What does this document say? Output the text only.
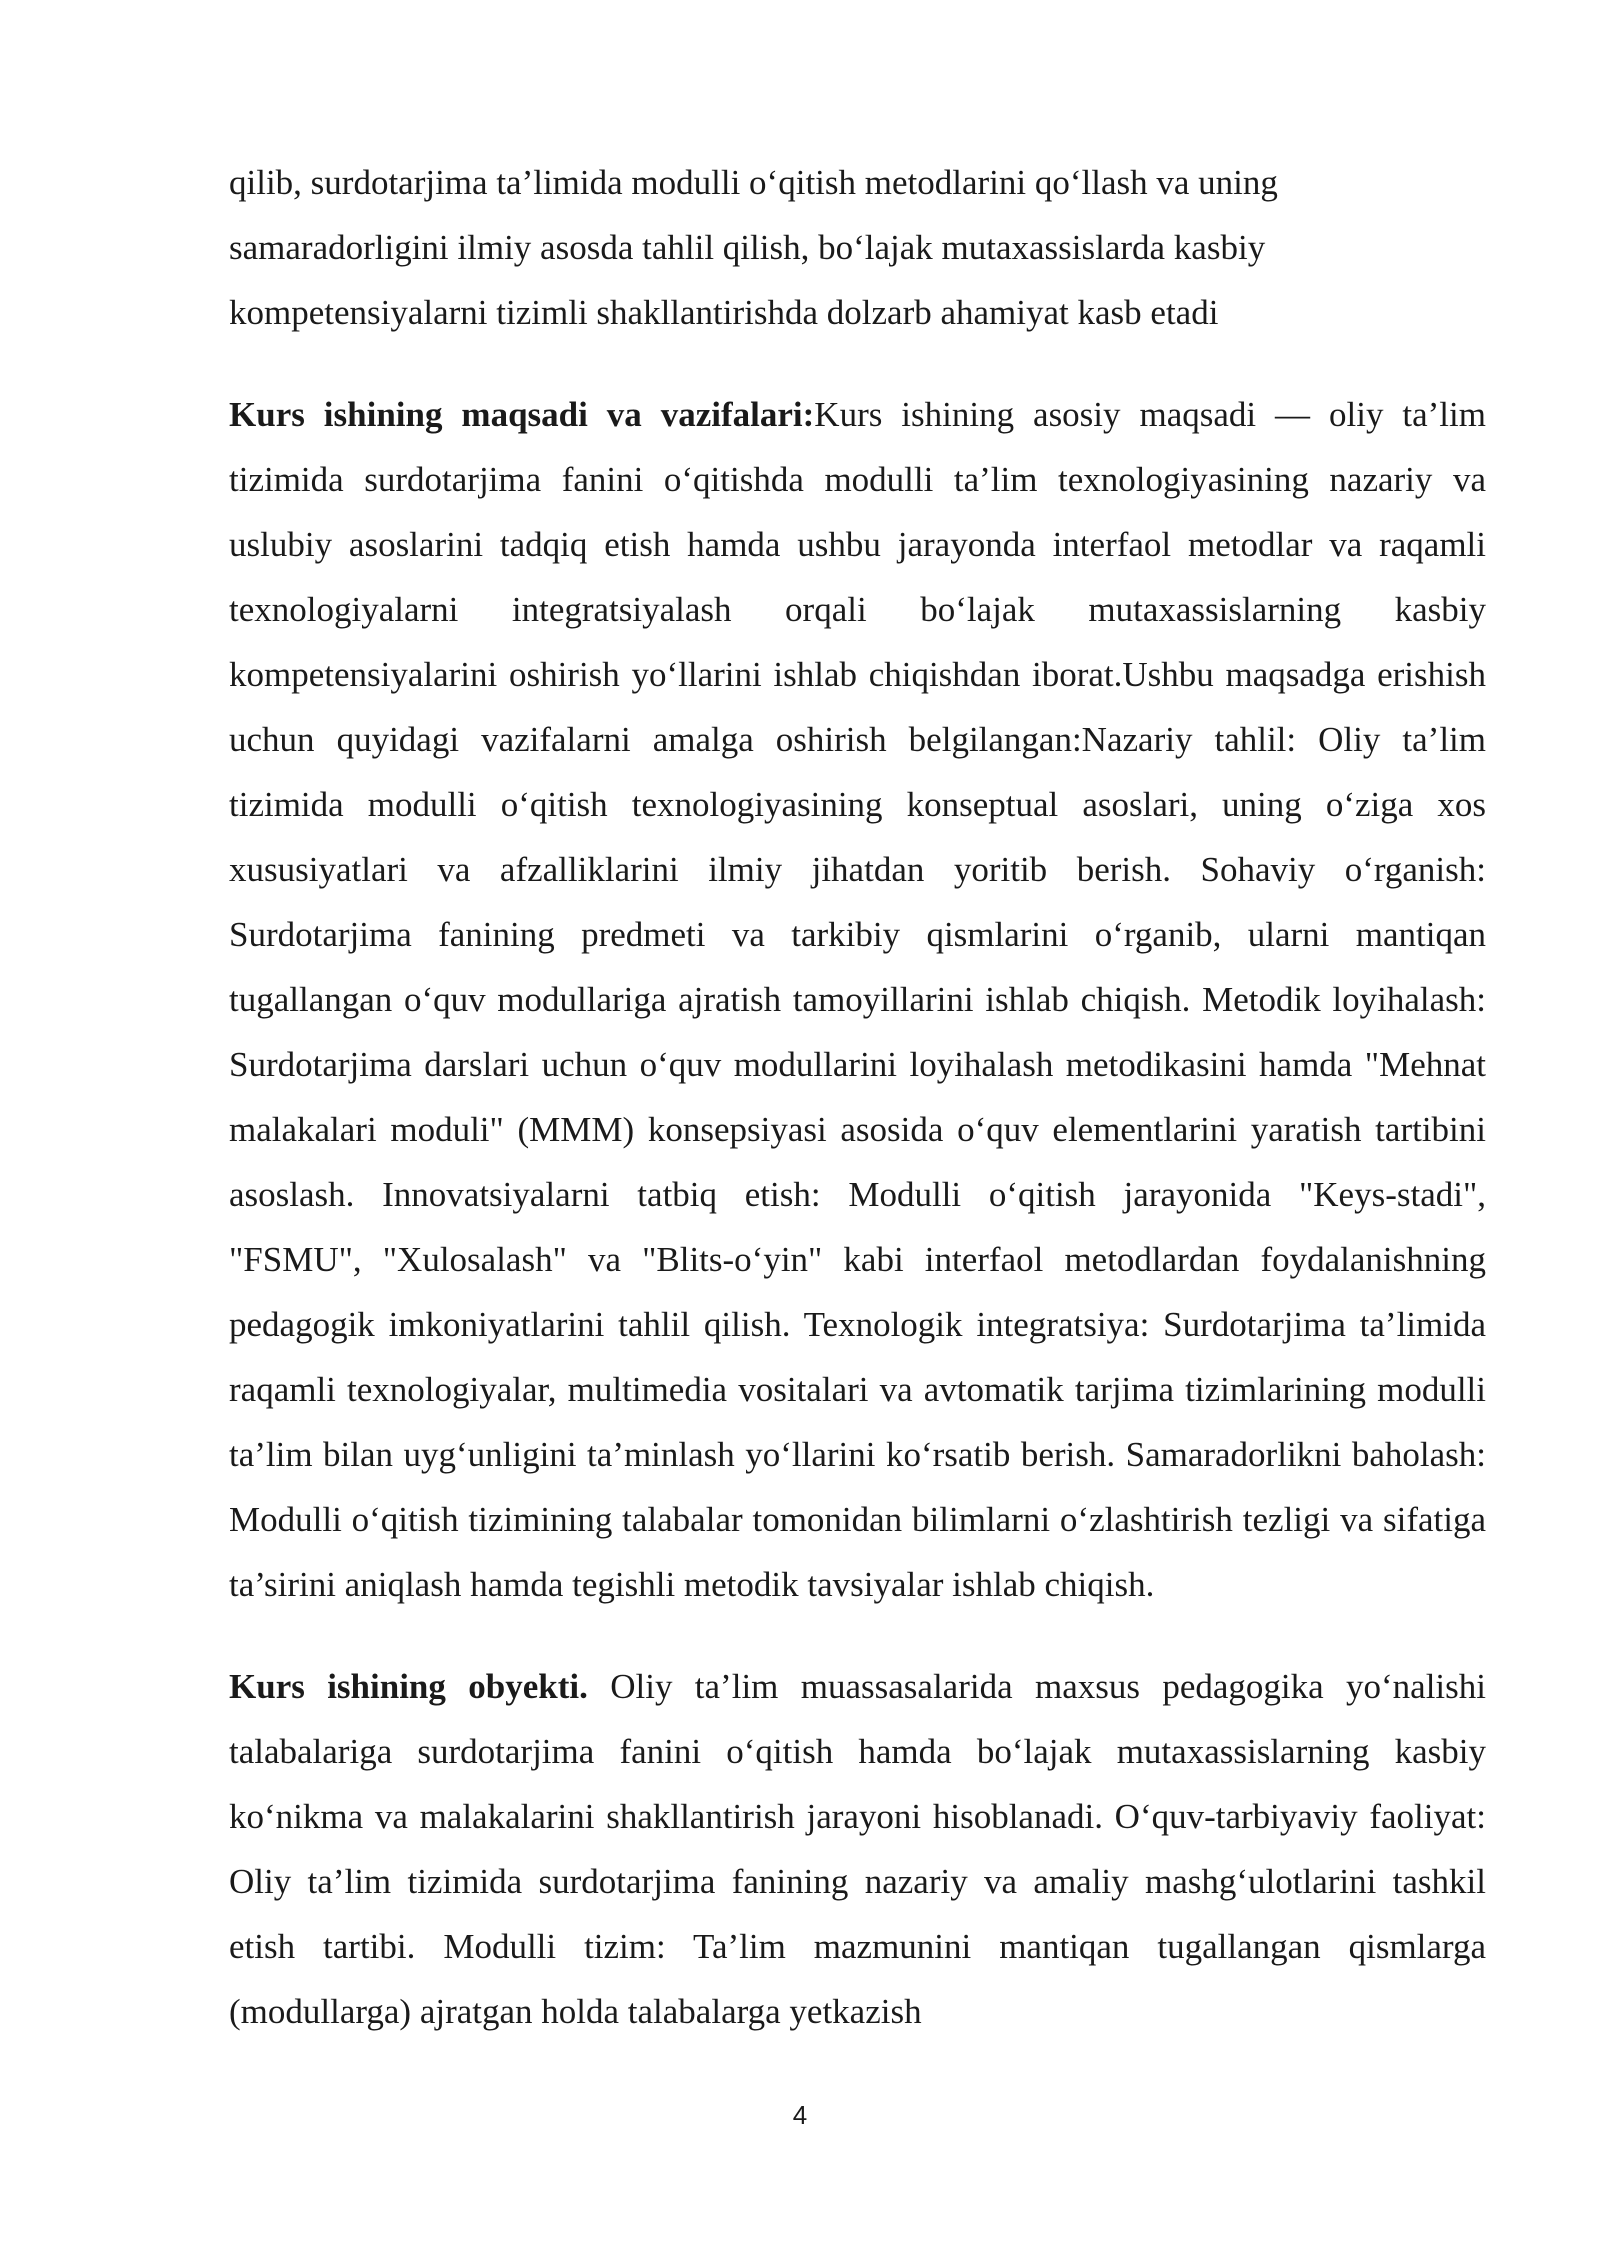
qilib, surdotarjima ta’limida modulli o‘qitish metodlarini qo‘llash va uning samaradorligini ilmiy asosda tahlil qilish, bo‘lajak mutaxassislarda kasbiy kompetensiyalarni tizimli shakllantirishda dolzarb ahamiyat kasb etadi

Kurs ishining maqsadi va vazifalari:Kurs ishining asosiy maqsadi — oliy ta’lim tizimida surdotarjima fanini o‘qitishda modulli ta’lim texnologiyasining nazariy va uslubiy asoslarini tadqiq etish hamda ushbu jarayonda interfaol metodlar va raqamli texnologiyalarni integratsiyalash orqali bo‘lajak mutaxassislarning kasbiy kompetensiyalarini oshirish yo‘llarini ishlab chiqishdan iborat.Ushbu maqsadga erishish uchun quyidagi vazifalarni amalga oshirish belgilangan:Nazariy tahlil: Oliy ta’lim tizimida modulli o‘qitish texnologiyasining konseptual asoslari, uning o‘ziga xos xususiyatlari va afzalliklarini ilmiy jihatdan yoritib berish. Sohaviy o‘rganish: Surdotarjima fanining predmeti va tarkibiy qismlarini o‘rganib, ularni mantiqan tugallangan o‘quv modullariga ajratish tamoyillarini ishlab chiqish. Metodik loyihalash: Surdotarjima darslari uchun o‘quv modullarini loyihalash metodikasini hamda "Mehnat malakalari moduli" (MMM) konsepsiyasi asosida o‘quv elementlarini yaratish tartibini asoslash. Innovatsiyalarni tatbiq etish: Modulli o‘qitish jarayonida "Keys-stadi", "FSMU", "Xulosalash" va "Blits-o‘yin" kabi interfaol metodlardan foydalanishning pedagogik imkoniyatlarini tahlil qilish. Texnologik integratsiya: Surdotarjima ta’limida raqamli texnologiyalar, multimedia vositalari va avtomatik tarjima tizimlarining modulli ta’lim bilan uyg‘unligini ta’minlash yo‘llarini ko‘rsatib berish. Samaradorlikni baholash: Modulli o‘qitish tizimining talabalar tomonidan bilimlarni o‘zlashtirish tezligi va sifatiga ta’sirini aniqlash hamda tegishli metodik tavsiyalar ishlab chiqish.

Kurs ishining obyekti. Oliy ta’lim muassasalarida maxsus pedagogika yo‘nalishi talabalariga surdotarjima fanini o‘qitish hamda bo‘lajak mutaxassislarning kasbiy ko‘nikma va malakalarini shakllantirish jarayoni hisoblanadi. O‘quv-tarbiyaviy faoliyat: Oliy ta’lim tizimida surdotarjima fanining nazariy va amaliy mashg‘ulotlarini tashkil etish tartibi. Modulli tizim: Ta’lim mazmunini mantiqan tugallangan qismlarga (modullarga) ajratgan holda talabalarga yetkazish

4
